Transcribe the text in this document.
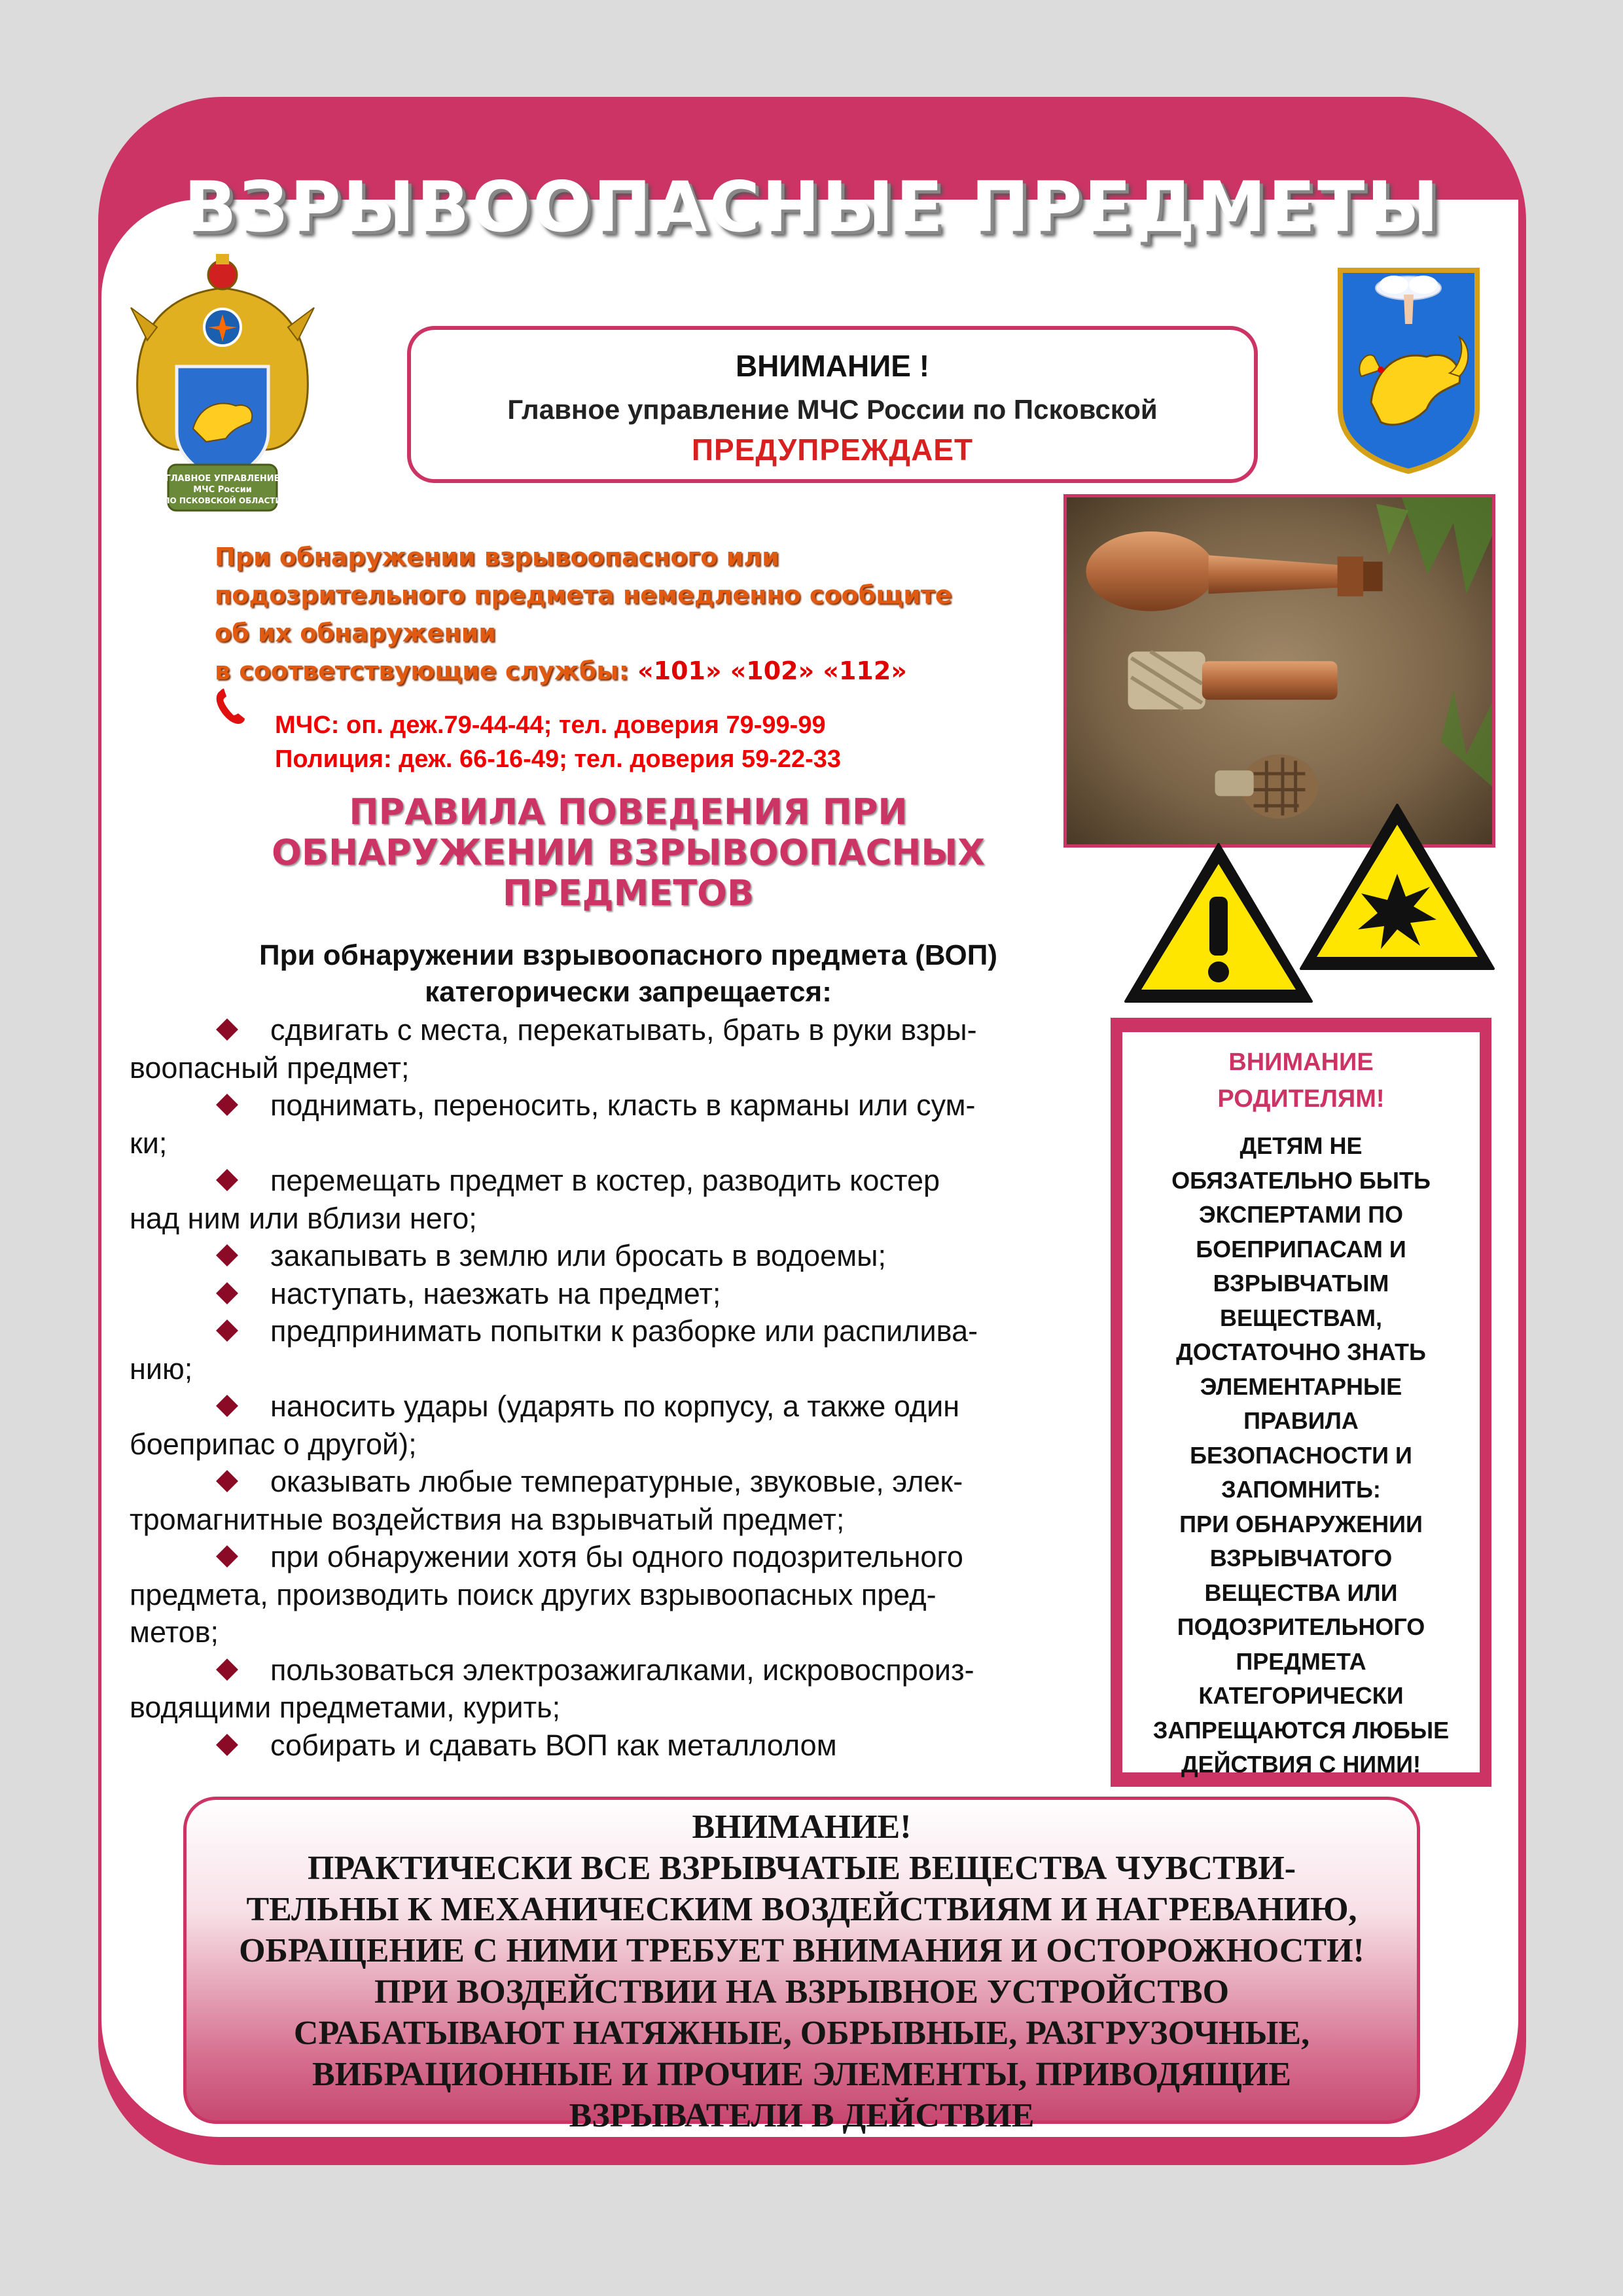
ВЗРЫВООПАСНЫЕ ПРЕДМЕТЫ
ГЛАВНОЕ УПРАВЛЕНИЕ
МЧС России
ПО ПСКОВСКОЙ ОБЛАСТИ
ВНИМАНИЕ !
Главное управление МЧС России по Псковской
ПРЕДУПРЕЖДАЕТ
При обнаружении взрывоопасного или
подозрительного предмета немедленно сообщите
об их обнаружении
в соответствующие службы: «101» «102» «112»
МЧС: оп. деж.79-44-44; тел. доверия 79-99-99
Полиция: деж. 66-16-49; тел. доверия 59-22-33
ПРАВИЛА ПОВЕДЕНИЯ ПРИ
ОБНАРУЖЕНИИ ВЗРЫВООПАСНЫХ
ПРЕДМЕТОВ
При обнаружении взрывоопасного предмета (ВОП)
категорически запрещается:
сдвигать с места, перекатывать, брать в руки взры-
воопасный предмет;
поднимать, переносить, класть в карманы или сум-
ки;
перемещать предмет в костер, разводить костер
над ним или вблизи него;
закапывать в землю или бросать в водоемы;
наступать, наезжать на предмет;
предпринимать попытки к разборке или распилива-
нию;
наносить удары (ударять по корпусу, а также один
боеприпас о другой);
оказывать любые температурные, звуковые, элек-
тромагнитные воздействия на взрывчатый предмет;
при обнаружении хотя бы одного подозрительного
предмета, производить поиск других взрывоопасных пред-
метов;
пользоваться электрозажигалками, искровоспроиз-
водящими предметами, курить;
собирать и сдавать ВОП как металлолом
ВНИМАНИЕ
РОДИТЕЛЯМ!
ДЕТЯМ НЕ
ОБЯЗАТЕЛЬНО БЫТЬ
ЭКСПЕРТАМИ ПО
БОЕПРИПАСАМ И
ВЗРЫВЧАТЫМ
ВЕЩЕСТВАМ,
ДОСТАТОЧНО ЗНАТЬ
ЭЛЕМЕНТАРНЫЕ
ПРАВИЛА
БЕЗОПАСНОСТИ И
ЗАПОМНИТЬ:
ПРИ ОБНАРУЖЕНИИ
ВЗРЫВЧАТОГО
ВЕЩЕСТВА ИЛИ
ПОДОЗРИТЕЛЬНОГО
ПРЕДМЕТА
КАТЕГОРИЧЕСКИ
ЗАПРЕЩАЮТСЯ ЛЮБЫЕ
ДЕЙСТВИЯ С НИМИ!
ВНИМАНИЕ!
ПРАКТИЧЕСКИ ВСЕ ВЗРЫВЧАТЫЕ ВЕЩЕСТВА ЧУВСТВИ-
ТЕЛЬНЫ К МЕХАНИЧЕСКИМ ВОЗДЕЙСТВИЯМ И НАГРЕВАНИЮ,
ОБРАЩЕНИЕ С НИМИ ТРЕБУЕТ ВНИМАНИЯ И ОСТОРОЖНОСТИ!
ПРИ ВОЗДЕЙСТВИИ НА ВЗРЫВНОЕ УСТРОЙСТВО
СРАБАТЫВАЮТ НАТЯЖНЫЕ, ОБРЫВНЫЕ, РАЗГРУЗОЧНЫЕ,
ВИБРАЦИОННЫЕ И ПРОЧИЕ ЭЛЕМЕНТЫ, ПРИВОДЯЩИЕ
ВЗРЫВАТЕЛИ В ДЕЙСТВИЕ
